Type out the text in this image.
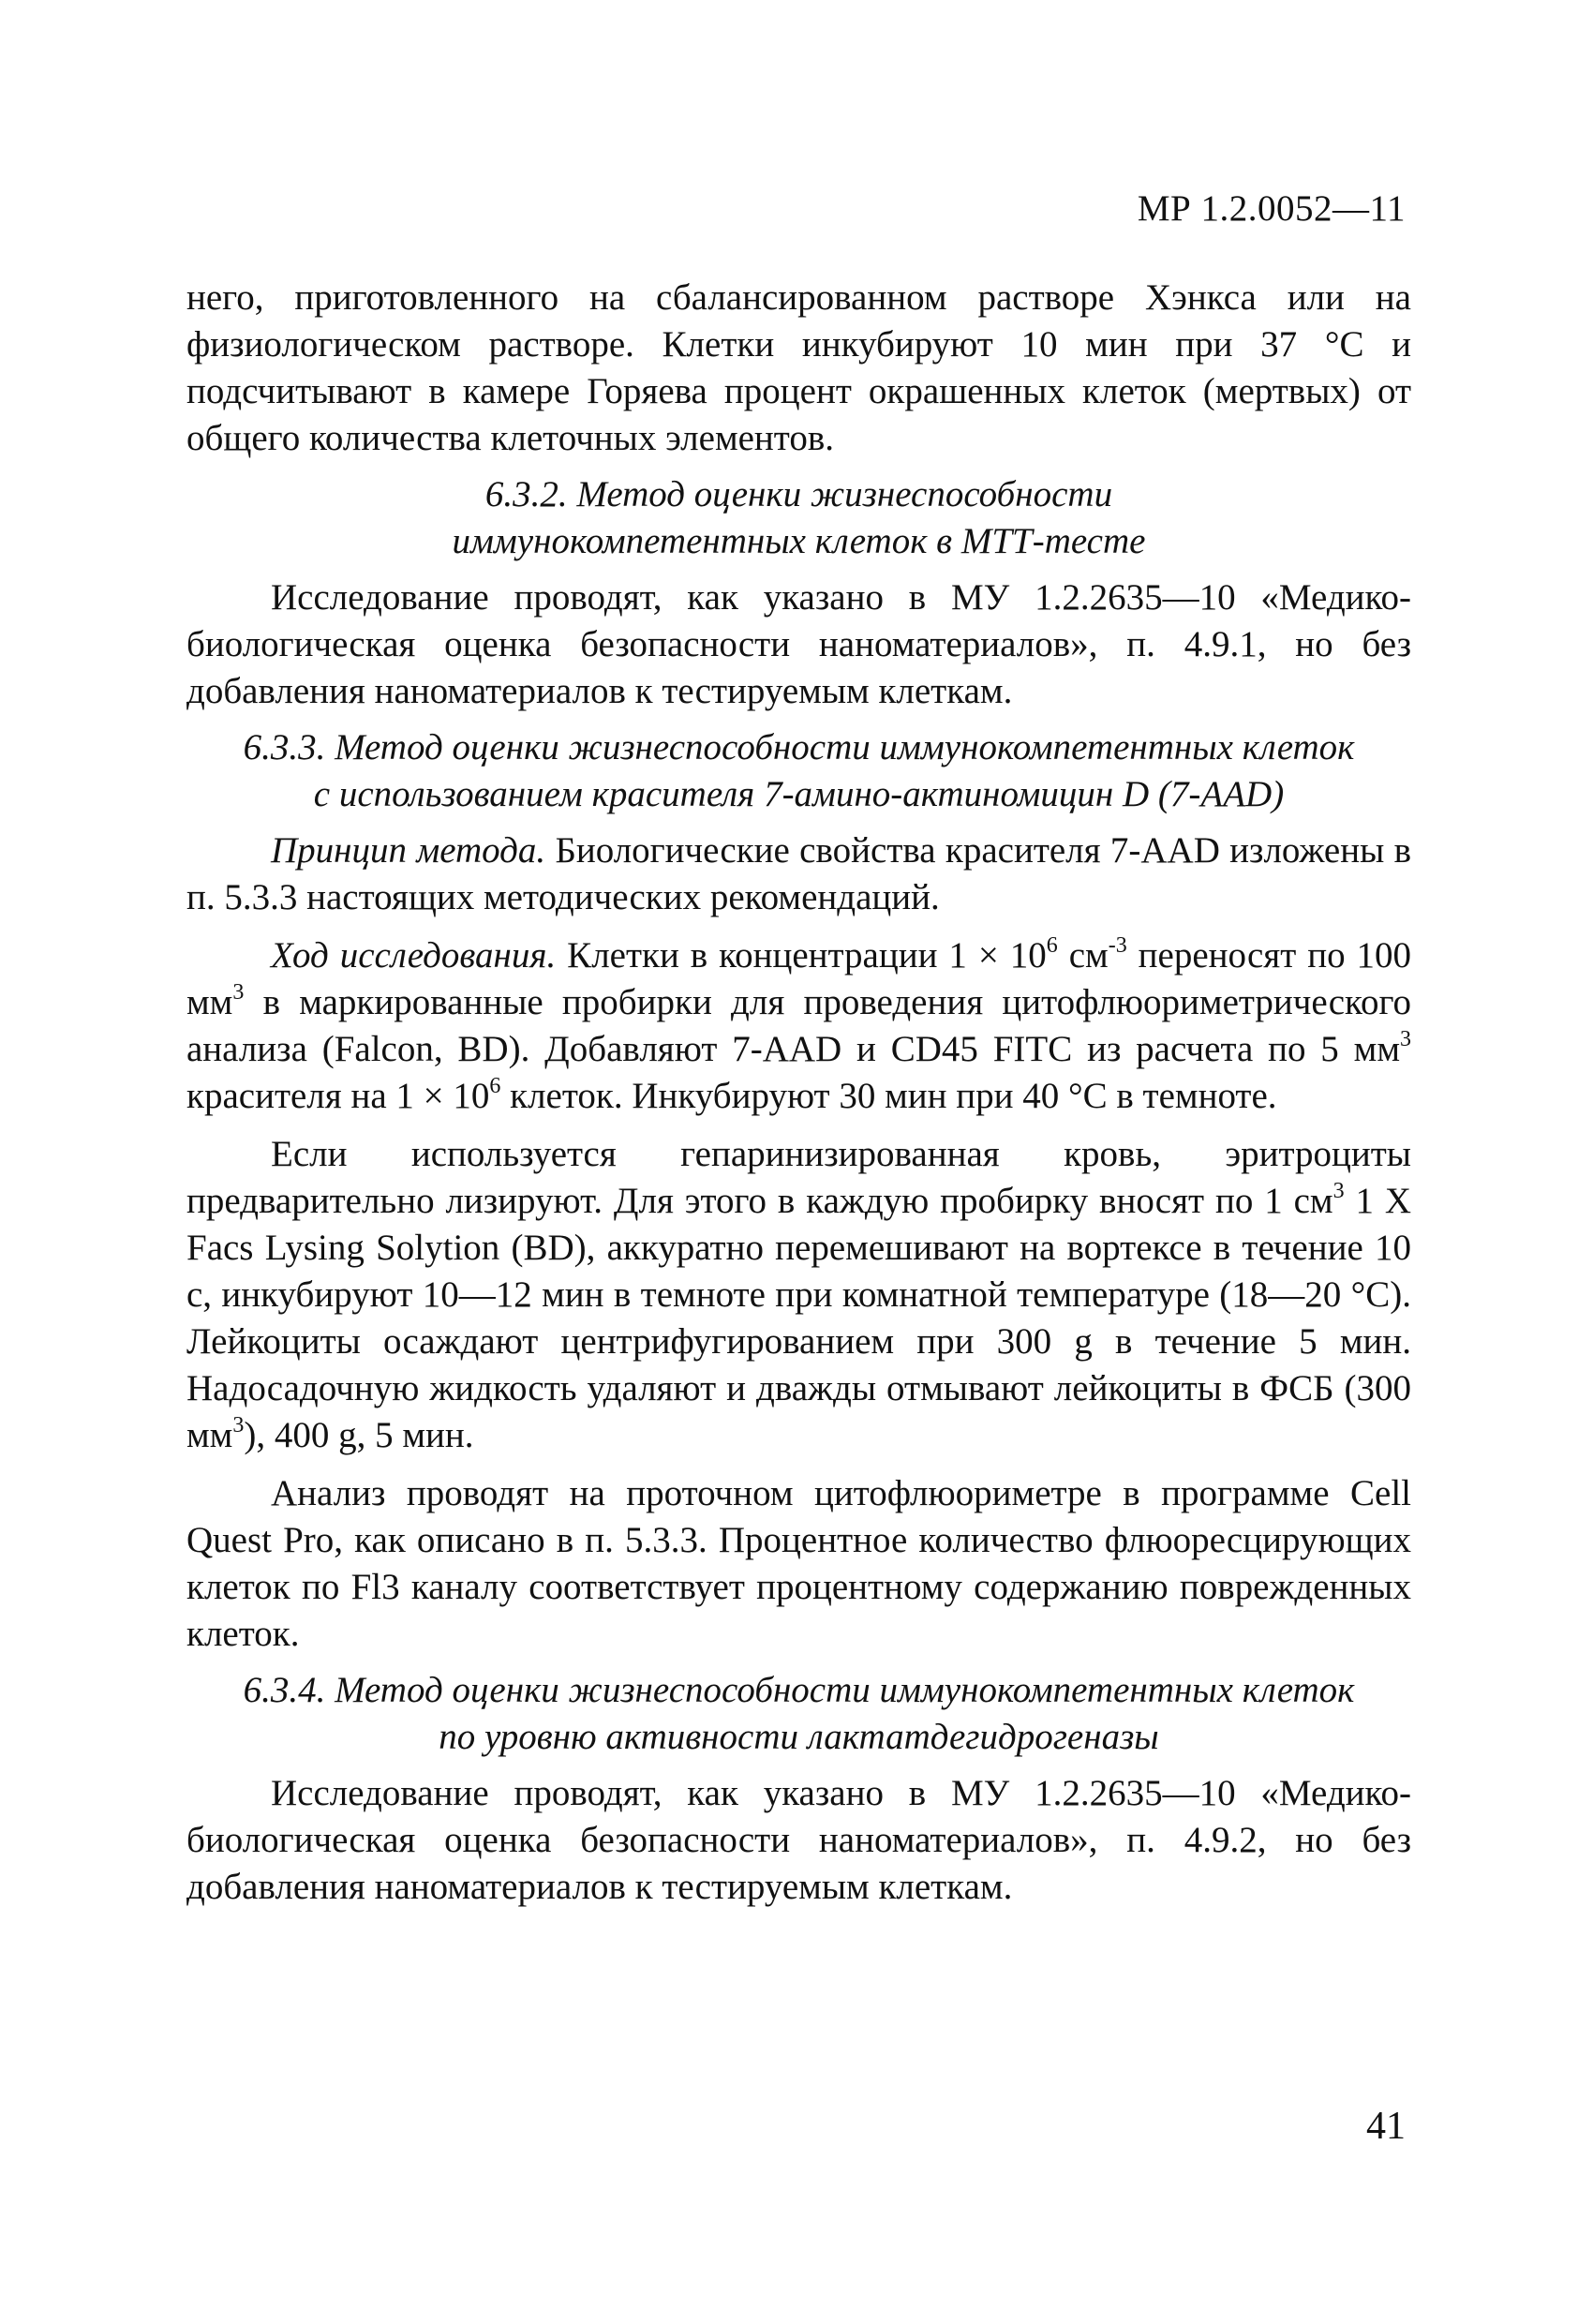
МР 1.2.0052—11

него, приготовленного на сбалансированном растворе Хэнкса или на физиологическом растворе. Клетки инкубируют 10 мин при 37 °С и подсчитывают в камере Горяева процент окрашенных клеток (мертвых) от общего количества клеточных элементов.

6.3.2. Метод оценки жизнеспособности

иммунокомпетентных клеток в МТТ-тесте

Исследование проводят, как указано в МУ 1.2.2635—10 «Медико-биологическая оценка безопасности наноматериалов», п. 4.9.1, но без добавления наноматериалов к тестируемым клеткам.

6.3.3. Метод оценки жизнеспособности иммунокомпетентных клеток

с использованием красителя 7-амино-актиномицин D (7-AAD)

Принцип метода. Биологические свойства красителя 7-AAD изложены в п. 5.3.3 настоящих методических рекомендаций.

Ход исследования. Клетки в концентрации $1 \times 10^6$ $см^{-3}$ переносят по 100 $мм^3$ в маркированные пробирки для проведения цитофлюориметрического анализа (Falcon, BD). Добавляют 7-AAD и CD45 FITC из расчета по 5 $мм^3$ красителя на $1 \times 10^6$ клеток. Инкубируют 30 мин при 40 °С в темноте.

Если используется гепаринизированная кровь, эритроциты предварительно лизируют. Для этого в каждую пробирку вносят по 1 $см^3$ 1 X Facs Lysing Solytion (BD), аккуратно перемешивают на вортексе в течение 10 с, инкубируют 10—12 мин в темноте при комнатной температуре (18—20 °С). Лейкоциты осаждают центрифугированием при 300 g в течение 5 мин. Надосадочную жидкость удаляют и дважды отмывают лейкоциты в ФСБ (300 $мм^3$), 400 g, 5 мин.

Анализ проводят на проточном цитофлюориметре в программе Cell Quest Pro, как описано в п. 5.3.3. Процентное количество флюоресцирующих клеток по Fl3 каналу соответствует процентному содержанию поврежденных клеток.

6.3.4. Метод оценки жизнеспособности иммунокомпетентных клеток

по уровню активности лактатдегидрогеназы

Исследование проводят, как указано в МУ 1.2.2635—10 «Медико-биологическая оценка безопасности наноматериалов», п. 4.9.2, но без добавления наноматериалов к тестируемым клеткам.

41
